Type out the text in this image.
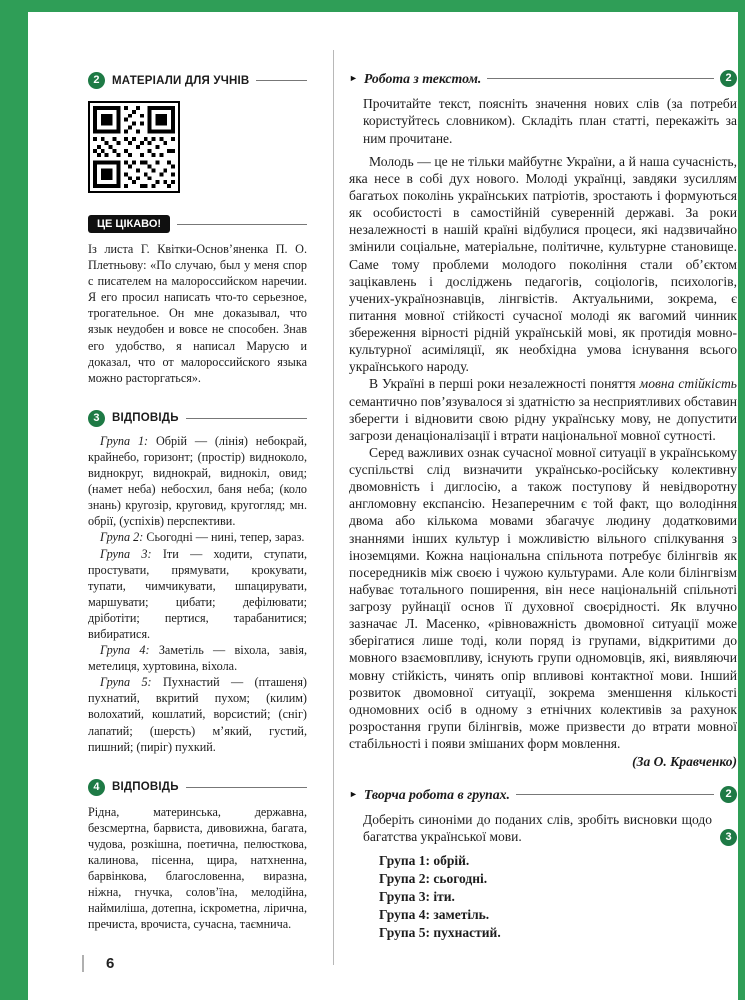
2	МАТЕРІАЛИ ДЛЯ УЧНІВ
ЦЕ ЦІКАВО!

Із листа Г. Квітки-Основ’яненка П. О. Плетньову: «По случаю, был у меня спор с писателем на малороссийском наречии. Я его просил написать что-то серьезное, трогательное. Он мне доказывал, что язык неудобен и вовсе не способен. Знав его удобство, я написал Марусю и доказал, что от малороссийского языка можно расторгаться».

3	ВІДПОВІДЬ

Група 1: Обрій — (лінія) небокрай, крайнебо, горизонт; (простір) видноколо, виднокруг, виднокрай, виднокіл, овид; (намет неба) небосхил, баня неба; (коло знань) кругозір, круговид, кругогляд; мн. обрії, (успіхів) перспективи.

Група 2: Сьогодні — нині, тепер, зараз.

Група 3: Іти — ходити, ступати, простувати, прямувати, крокувати, тупати, чимчикувати, шпацирувати, маршувати; цибати; дефілювати; дріботіти; пертися, тарабанитися; вибиратися.

Група 4: Заметіль — віхола, завія, метелиця, хуртовина, віхола.

Група 5: Пухнастий — (пташеня) пухнатий, вкритий пухом; (килим) волохатий, кошлатий, ворсистий; (сніг) лапатий; (шерсть) м’який, густий, пишний; (пиріг) пухкий.

4	ВІДПОВІДЬ

Рідна, материнська, державна, безсмертна, барвиста, дивовижна, багата, чудова, розкішна, поетична, пелюсткова, калинова, пісенна, щира, натхненна, барвінкова, благословенна, виразна, ніжна, гнучка, солов’їна, мелодійна, наймиліша, дотепна, іскрометна, лірична, пречиста, врочиста, сучасна, таємнича.

6
► Робота з текстом.	2

Прочитайте текст, поясніть значення нових слів (за потреби користуйтесь словником). Складіть план статті, перекажіть за ним прочитане.

Молодь — це не тільки майбутнє України, а й наша сучасність, яка несе в собі дух нового. Молоді українці, завдяки зусиллям багатьох поколінь українських патріотів, зростають і формуються як особистості в самостійній суверенній державі. За роки незалежності в нашій країні відбулися процеси, які надзвичайно змінили соціальне, матеріальне, політичне, культурне становище. Саме тому проблеми молодого покоління стали об’єктом зацікавлень і досліджень педагогів, соціологів, психологів, учених-українознавців, лінгвістів. Актуальними, зокрема, є питання мовної стійкості сучасної молоді як вагомий чинник збереження вірності рідній українській мові, як протидія мовно-культурної асиміляції, як необхідна умова існування всього українського народу.

В Україні в перші роки незалежності поняття мовна стійкість семантично пов’язувалося зі здатністю за несприятливих обставин зберегти і відновити свою рідну українську мову, не допустити загрози денаціоналізації і втрати національної мовної сутності.

Серед важливих ознак сучасної мовної ситуації в українському суспільстві слід визначити українсько-російську колективну двомовність і диглосію, а також поступову й невідворотну англомовну експансію. Незаперечним є той факт, що володіння двома або кількома мовами збагачує людину додатковими знаннями інших культур і можливістю вільного спілкування з іноземцями. Кожна національна спільнота потребує білінгвів як посередників між своєю і чужою культурами. Але коли білінгвізм набуває тотального поширення, він несе національній спільноті загрозу руйнації основ її духовної своєрідності. Як влучно зазначає Л. Масенко, «рівноважність двомовної ситуації може зберігатися лише тоді, коли поряд із групами, відкритими до мовного взаємовпливу, існують групи одномовців, які, виявляючи мовну стійкість, чинять опір впливові контактної мови. Інший розвиток двомовної ситуації, зокрема зменшення кількості одномовних осіб в одному з етнічних колективів за рахунок розростання групи білінгвів, може призвести до втрати мовної стабільності і появи змішаних форм мовлення.

(За О. Кравченко)

► Творча робота в групах.	2
Доберіть синоніми до поданих слів, зробіть висновки щодо багатства української мови.	3

Група 1: обрій.

Група 2: сьогодні.

Група 3: іти.

Група 4: заметіль.

Група 5: пухнастий.
